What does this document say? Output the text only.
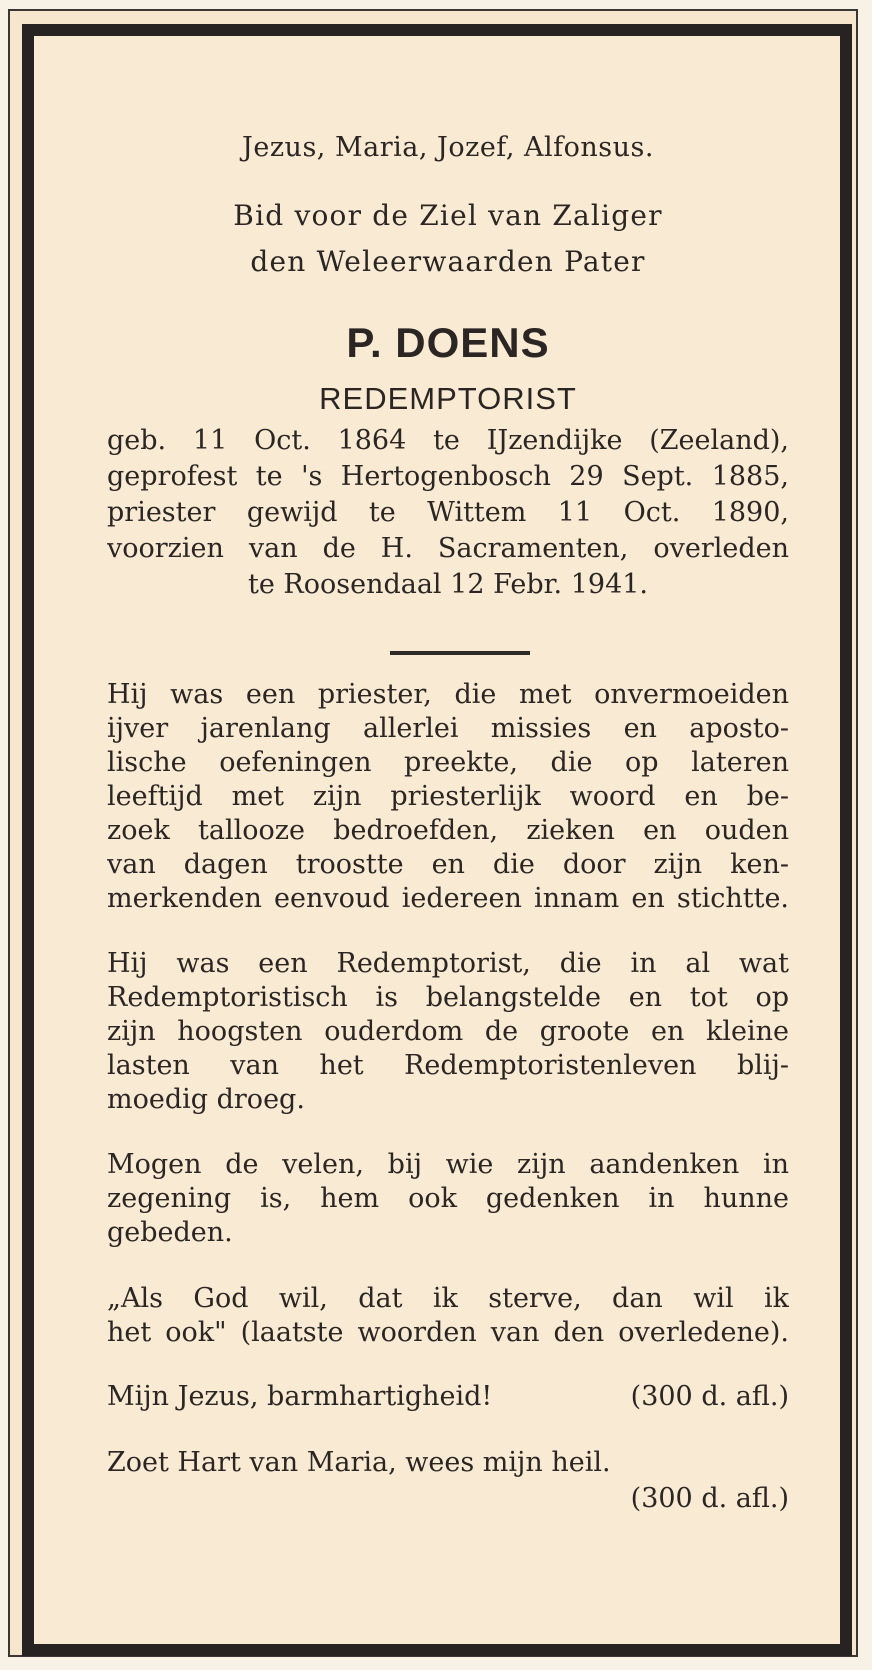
Jezus, Maria, Jozef, Alfonsus.
Bid voor de Ziel van Zaliger
den Weleerwaarden Pater
P. DOENS
REDEMPTORIST
geb. 11 Oct. 1864 te IJzendijke (Zeeland),
geprofest te 's Hertogenbosch 29 Sept. 1885,
priester gewijd te Wittem 11 Oct. 1890,
voorzien van de H. Sacramenten, overleden
te Roosendaal 12 Febr. 1941.
Hij was een priester, die met onvermoeiden
ijver jarenlang allerlei missies en aposto-
lische oefeningen preekte, die op lateren
leeftijd met zijn priesterlijk woord en be-
zoek tallooze bedroefden, zieken en ouden
van dagen troostte en die door zijn ken-
merkenden eenvoud iedereen innam en stichtte.
Hij was een Redemptorist, die in al wat
Redemptoristisch is belangstelde en tot op
zijn hoogsten ouderdom de groote en kleine
lasten van het Redemptoristenleven blij-
moedig droeg.
Mogen de velen, bij wie zijn aandenken in
zegening is, hem ook gedenken in hunne
gebeden.
„Als God wil, dat ik sterve, dan wil ik
het ook" (laatste woorden van den overledene).
Mijn Jezus, barmhartigheid!	(300 d. afl.)
Zoet Hart van Maria, wees mijn heil.
(300 d. afl.)
